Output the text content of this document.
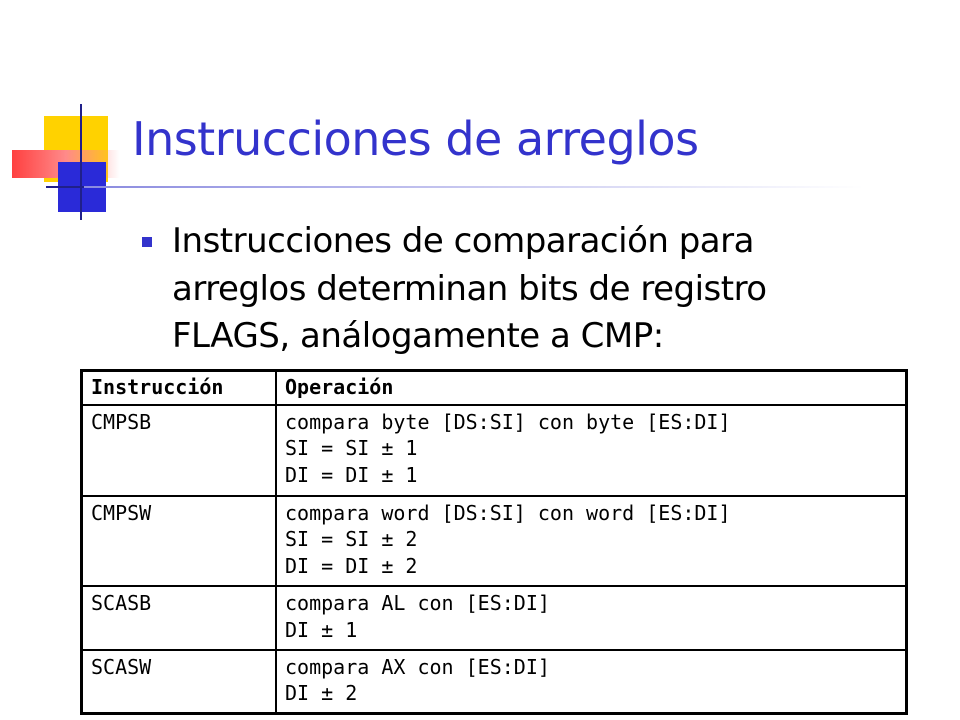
Instrucciones de arreglos
Instrucciones de comparación para
arreglos determinan bits de registro
FLAGS, análogamente a CMP:
Instrucción	Operación
CMPSB	compara byte [DS:SI] con byte [ES:DI]
SI = SI ± 1
DI = DI ± 1

CMPSW	compara word [DS:SI] con word [ES:DI]
SI = SI ± 2
DI = DI ± 2

SCASB	compara AL con [ES:DI]
DI ± 1

SCASW	compara AX con [ES:DI]
DI ± 2
